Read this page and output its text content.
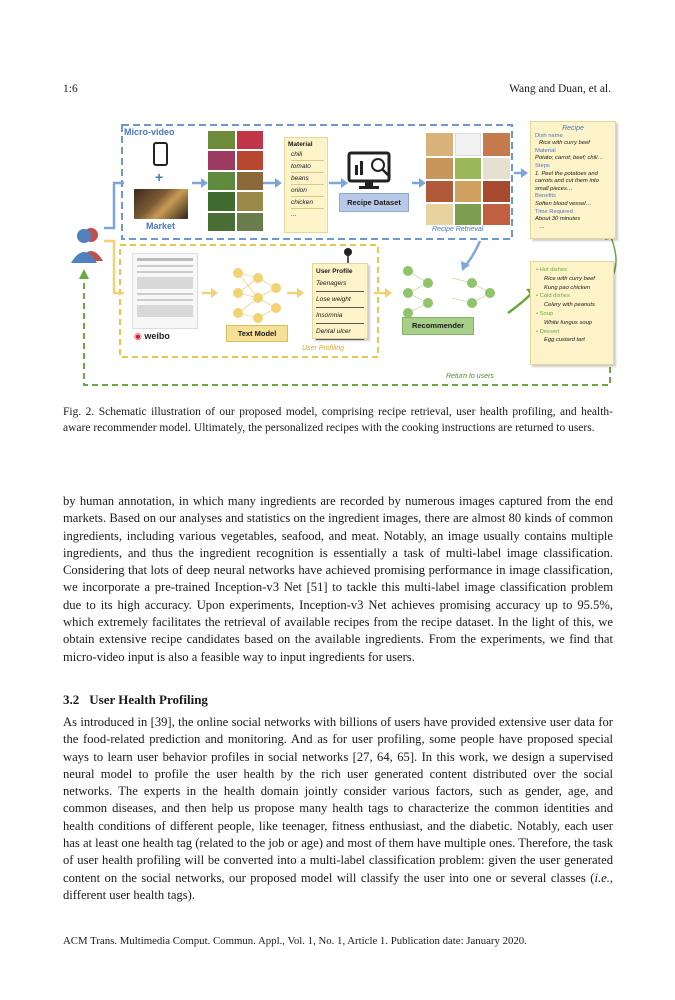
1:6	Wang and Duan, et al.
Micro-video
+
Market
Material
chili
tomato
beans
onion
chicken
...
Recipe Dataset
Recipe Retrieval
Recipe
Dish name
Rice with curry beef
Material
Potato; carrot; beef; chili…
Steps
1. Peel the potatoes and carrots and cut them into small pieces…
Benefits
Soften blood vessel…
Time Required
About 30 minutes
…
◉ weibo	Text Model
User Profile
Teenagers
Lose weight
Insomnia
Dental ulcer
User Profiling
Recommender
• Hot dishes
Rice with curry beef
Kung pao chicken
• Cold dishes
Celery with peanuts
• Soup
White fungus soup
• Dessert
Egg custard tart
Return to users
Fig. 2. Schematic illustration of our proposed model, comprising recipe retrieval, user health profiling, and health-aware recommender model. Ultimately, the personalized recipes with the cooking instructions are returned to users.

by human annotation, in which many ingredients are recorded by numerous images captured from the end markets. Based on our analyses and statistics on the ingredient images, there are almost 80 kinds of common ingredients, including various vegetables, seafood, and meat. Notably, an image usually contains multiple ingredients, and thus the ingredient recognition is essentially a task of multi-label image classification. Considering that lots of deep neural networks have achieved promising performance in image classification, we incorporate a pre-trained Inception-v3 Net [51] to tackle this multi-label image classification problem due to its high accuracy. Upon experiments, Inception-v3 Net achieves promising accuracy up to 95.5%, which extremely facilitates the retrieval of available recipes from the recipe dataset. In the light of this, we obtain extensive recipe candidates based on the available ingredients. From the experiments, we find that micro-video input is also a feasible way to input ingredients for users.

3.2 User Health Profiling

As introduced in [39], the online social networks with billions of users have provided extensive user data for the food-related prediction and monitoring. And as for user profiling, some people have proposed special ways to learn user behavior profiles in social networks [27, 64, 65]. In this work, we design a supervised neural model to profile the user health by the rich user generated content distributed over the social networks. The experts in the health domain jointly consider various factors, such as gender, age, and common diseases, and then help us propose many health tags to characterize the common identities and health conditions of different people, like teenager, fitness enthusiast, and the diabetic. Notably, each user has at least one health tag (related to the job or age) and most of them have multiple ones. Therefore, the task of user health profiling will be converted into a multi-label classification problem: given the user generated content on the social networks, our proposed model will classify the user into one or several classes (i.e., different user health tags).

ACM Trans. Multimedia Comput. Commun. Appl., Vol. 1, No. 1, Article 1. Publication date: January 2020.
